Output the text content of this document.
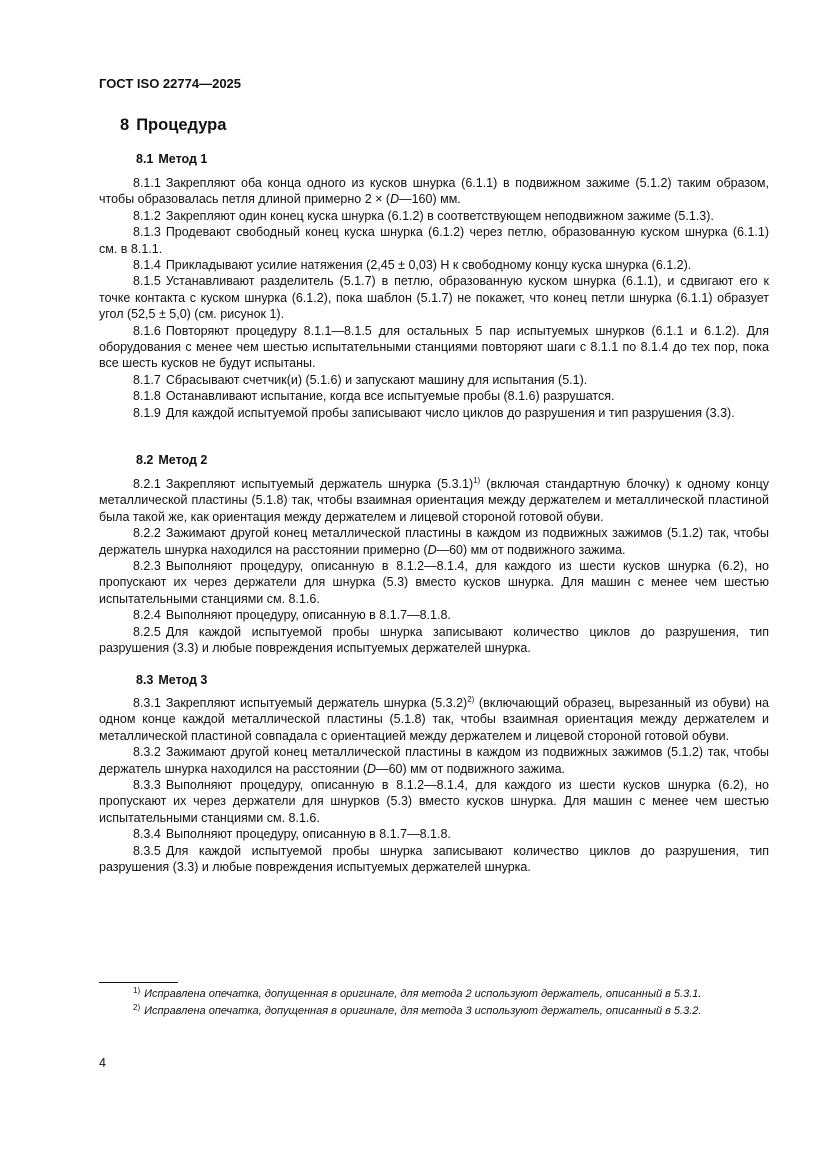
ГОСТ ISO 22774—2025
8 Процедура
8.1 Метод 1

8.1.1 Закрепляют оба конца одного из кусков шнурка (6.1.1) в подвижном зажиме (5.1.2) таким образом, чтобы образовалась петля длиной примерно 2 × (D—160) мм.

8.1.2 Закрепляют один конец куска шнурка (6.1.2) в соответствующем неподвижном зажиме (5.1.3).

8.1.3 Продевают свободный конец куска шнурка (6.1.2) через петлю, образованную куском шнурка (6.1.1) см. в 8.1.1.

8.1.4 Прикладывают усилие натяжения (2,45 ± 0,03) Н к свободному концу куска шнурка (6.1.2).

8.1.5 Устанавливают разделитель (5.1.7) в петлю, образованную куском шнурка (6.1.1), и сдвигают его к точке контакта с куском шнурка (6.1.2), пока шаблон (5.1.7) не покажет, что конец петли шнурка (6.1.1) образует угол (52,5 ± 5,0) (см. рисунок 1).

8.1.6 Повторяют процедуру 8.1.1—8.1.5 для остальных 5 пар испытуемых шнурков (6.1.1 и 6.1.2). Для оборудования с менее чем шестью испытательными станциями повторяют шаги с 8.1.1 по 8.1.4 до тех пор, пока все шесть кусков не будут испытаны.

8.1.7 Сбрасывают счетчик(и) (5.1.6) и запускают машину для испытания (5.1).

8.1.8 Останавливают испытание, когда все испытуемые пробы (8.1.6) разрушатся.

8.1.9 Для каждой испытуемой пробы записывают число циклов до разрушения и тип разрушения (3.3).

8.2 Метод 2

8.2.1 Закрепляют испытуемый держатель шнурка $(5.3.1)^{1)}$ (включая стандартную блочку) к одному концу металлической пластины (5.1.8) так, чтобы взаимная ориентация между держателем и металлической пластиной была такой же, как ориентация между держателем и лицевой стороной готовой обуви.

8.2.2 Зажимают другой конец металлической пластины в каждом из подвижных зажимов (5.1.2) так, чтобы держатель шнурка находился на расстоянии примерно (D—60) мм от подвижного зажима.

8.2.3 Выполняют процедуру, описанную в 8.1.2—8.1.4, для каждого из шести кусков шнурка (6.2), но пропускают их через держатели для шнурка (5.3) вместо кусков шнурка. Для машин с менее чем шестью испытательными станциями см. 8.1.6.

8.2.4 Выполняют процедуру, описанную в 8.1.7—8.1.8.

8.2.5 Для каждой испытуемой пробы шнурка записывают количество циклов до разрушения, тип разрушения (3.3) и любые повреждения испытуемых держателей шнурка.

8.3 Метод 3

8.3.1 Закрепляют испытуемый держатель шнурка $(5.3.2)^{2)}$ (включающий образец, вырезанный из обуви) на одном конце каждой металлической пластины (5.1.8) так, чтобы взаимная ориентация между держателем и металлической пластиной совпадала с ориентацией между держателем и лицевой стороной готовой обуви.

8.3.2 Зажимают другой конец металлической пластины в каждом из подвижных зажимов (5.1.2) так, чтобы держатель шнурка находился на расстоянии (D—60) мм от подвижного зажима.

8.3.3 Выполняют процедуру, описанную в 8.1.2—8.1.4, для каждого из шести кусков шнурка (6.2), но пропускают их через держатели для шнурков (5.3) вместо кусков шнурка. Для машин с менее чем шестью испытательными станциями см. 8.1.6.

8.3.4 Выполняют процедуру, описанную в 8.1.7—8.1.8.

8.3.5 Для каждой испытуемой пробы шнурка записывают количество циклов до разрушения, тип разрушения (3.3) и любые повреждения испытуемых держателей шнурка.

$^{1)}$ Исправлена опечатка, допущенная в оригинале, для метода 2 используют держатель, описанный в 5.3.1.

$^{2)}$ Исправлена опечатка, допущенная в оригинале, для метода 3 используют держатель, описанный в 5.3.2.

4
